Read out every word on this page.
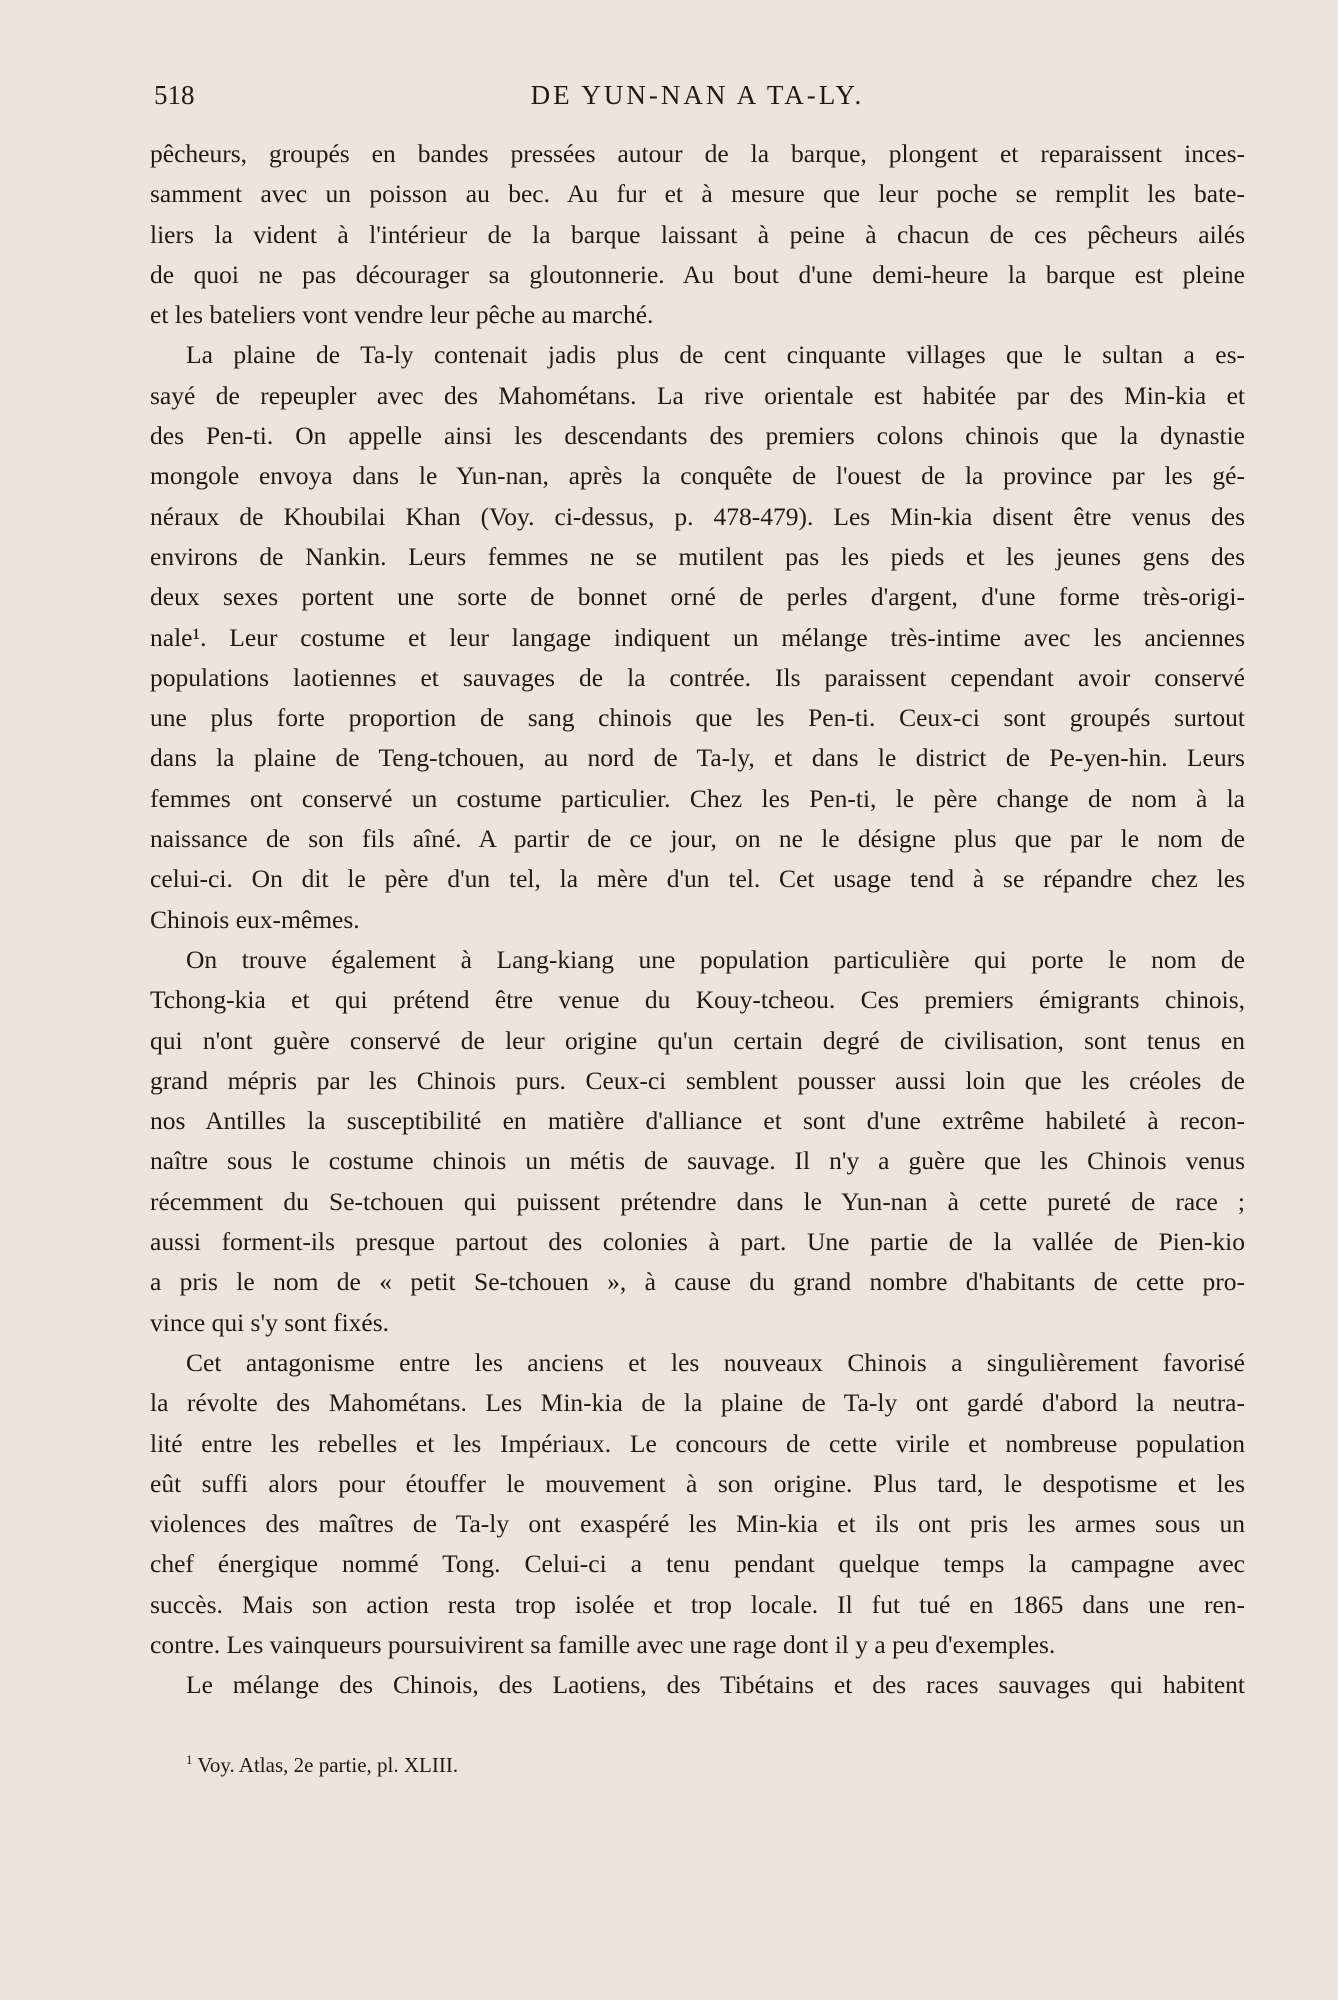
518	DE YUN-NAN A TA-LY.
pêcheurs, groupés en bandes pressées autour de la barque, plongent et reparaissent inces-
samment avec un poisson au bec. Au fur et à mesure que leur poche se remplit les bate-
liers la vident à l'intérieur de la barque laissant à peine à chacun de ces pêcheurs ailés
de quoi ne pas décourager sa gloutonnerie. Au bout d'une demi-heure la barque est pleine
et les bateliers vont vendre leur pêche au marché.
La plaine de Ta-ly contenait jadis plus de cent cinquante villages que le sultan a es-
sayé de repeupler avec des Mahométans. La rive orientale est habitée par des Min-kia et
des Pen-ti. On appelle ainsi les descendants des premiers colons chinois que la dynastie
mongole envoya dans le Yun-nan, après la conquête de l'ouest de la province par les gé-
néraux de Khoubilai Khan (Voy. ci-dessus, p. 478-479). Les Min-kia disent être venus des
environs de Nankin. Leurs femmes ne se mutilent pas les pieds et les jeunes gens des
deux sexes portent une sorte de bonnet orné de perles d'argent, d'une forme très-origi-
nale¹. Leur costume et leur langage indiquent un mélange très-intime avec les anciennes
populations laotiennes et sauvages de la contrée. Ils paraissent cependant avoir conservé
une plus forte proportion de sang chinois que les Pen-ti. Ceux-ci sont groupés surtout
dans la plaine de Teng-tchouen, au nord de Ta-ly, et dans le district de Pe-yen-hin. Leurs
femmes ont conservé un costume particulier. Chez les Pen-ti, le père change de nom à la
naissance de son fils aîné. A partir de ce jour, on ne le désigne plus que par le nom de
celui-ci. On dit le père d'un tel, la mère d'un tel. Cet usage tend à se répandre chez les
Chinois eux-mêmes.
On trouve également à Lang-kiang une population particulière qui porte le nom de
Tchong-kia et qui prétend être venue du Kouy-tcheou. Ces premiers émigrants chinois,
qui n'ont guère conservé de leur origine qu'un certain degré de civilisation, sont tenus en
grand mépris par les Chinois purs. Ceux-ci semblent pousser aussi loin que les créoles de
nos Antilles la susceptibilité en matière d'alliance et sont d'une extrême habileté à recon-
naître sous le costume chinois un métis de sauvage. Il n'y a guère que les Chinois venus
récemment du Se-tchouen qui puissent prétendre dans le Yun-nan à cette pureté de race ;
aussi forment-ils presque partout des colonies à part. Une partie de la vallée de Pien-kio
a pris le nom de « petit Se-tchouen », à cause du grand nombre d'habitants de cette pro-
vince qui s'y sont fixés.
Cet antagonisme entre les anciens et les nouveaux Chinois a singulièrement favorisé
la révolte des Mahométans. Les Min-kia de la plaine de Ta-ly ont gardé d'abord la neutra-
lité entre les rebelles et les Impériaux. Le concours de cette virile et nombreuse population
eût suffi alors pour étouffer le mouvement à son origine. Plus tard, le despotisme et les
violences des maîtres de Ta-ly ont exaspéré les Min-kia et ils ont pris les armes sous un
chef énergique nommé Tong. Celui-ci a tenu pendant quelque temps la campagne avec
succès. Mais son action resta trop isolée et trop locale. Il fut tué en 1865 dans une ren-
contre. Les vainqueurs poursuivirent sa famille avec une rage dont il y a peu d'exemples.
Le mélange des Chinois, des Laotiens, des Tibétains et des races sauvages qui habitent
$^1$ Voy. Atlas, 2e partie, pl. XLIII.
